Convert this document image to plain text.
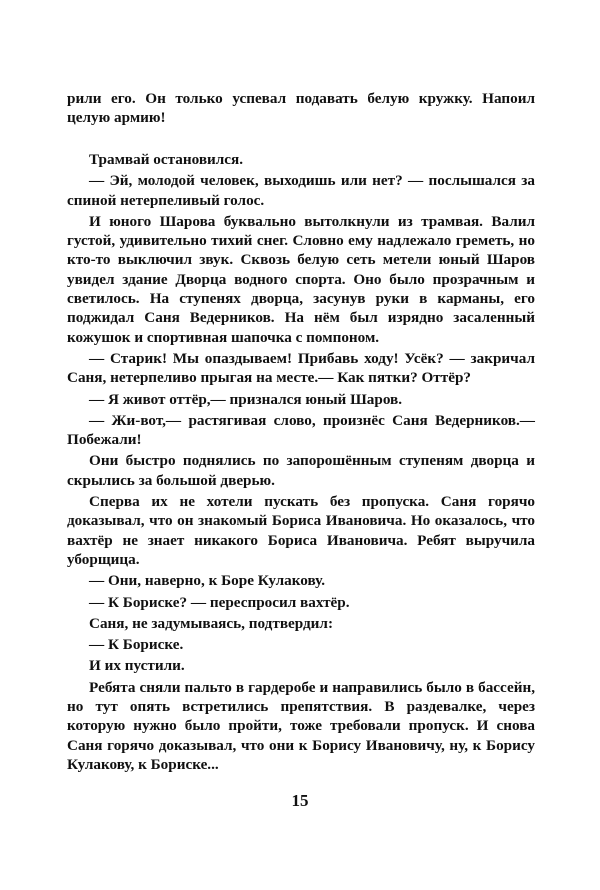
рили его. Он только успевал подавать белую кружку. Напоил целую армию!

Трамвай остановился.

— Эй, молодой человек, выходишь или нет? — послышался за спиной нетерпеливый голос.

И юного Шарова буквально вытолкнули из трамвая. Валил густой, удивительно тихий снег. Словно ему надлежало греметь, но кто-то выключил звук. Сквозь белую сеть метели юный Шаров увидел здание Дворца водного спорта. Оно было прозрачным и светилось. На ступенях дворца, засунув руки в карманы, его поджидал Саня Ведерников. На нём был изрядно засаленный кожушок и спортивная шапочка с помпоном.

— Старик! Мы опаздываем! Прибавь ходу! Усёк? — закричал Саня, нетерпеливо прыгая на месте.— Как пятки? Оттёр?

— Я живот оттёр,— признался юный Шаров.

— Жи-вот,— растягивая слово, произнёс Саня Ведерников.— Побежали!

Они быстро поднялись по запорошённым ступеням дворца и скрылись за большой дверью.

Сперва их не хотели пускать без пропуска. Саня горячо доказывал, что он знакомый Бориса Ивановича. Но оказалось, что вахтёр не знает никакого Бориса Ивановича. Ребят выручила уборщица.

— Они, наверно, к Боре Кулакову.

— К Бориске? — переспросил вахтёр.

Саня, не задумываясь, подтвердил:

— К Бориске.

И их пустили.

Ребята сняли пальто в гардеробе и направились было в бассейн, но тут опять встретились препятствия. В раздевалке, через которую нужно было пройти, тоже требовали пропуск. И снова Саня горячо доказывал, что они к Борису Ивановичу, ну, к Борису Кулакову, к Бориске...

15
